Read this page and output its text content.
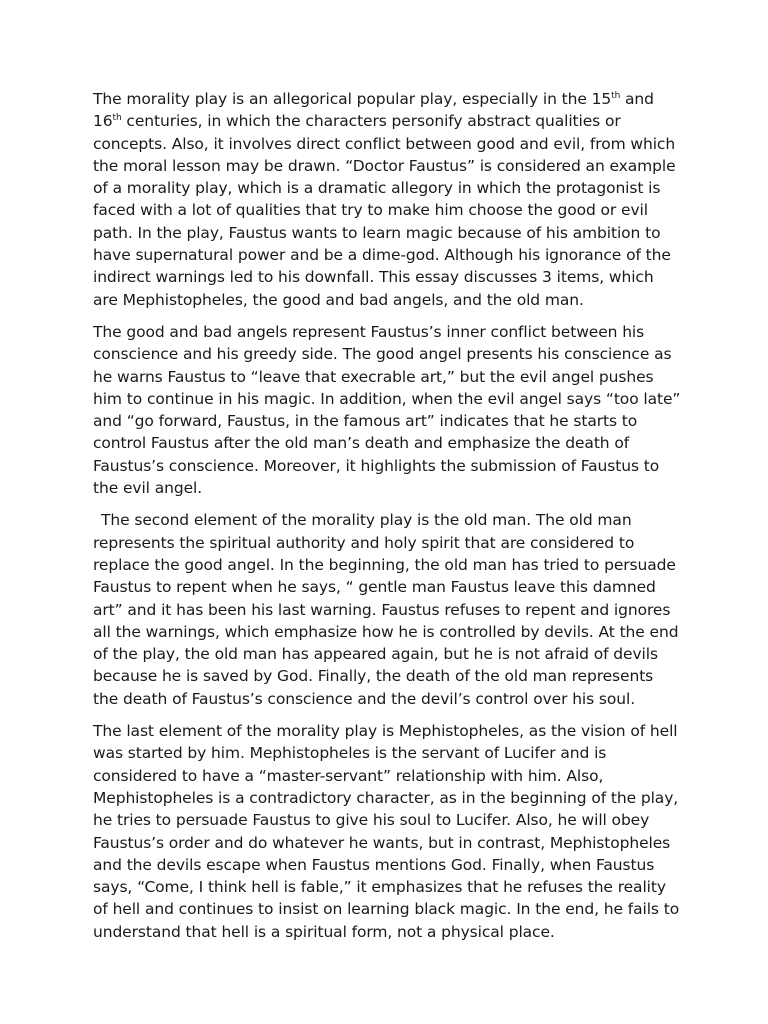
The morality play is an allegorical popular play, especially in the 15th and 16th centuries, in which the characters personify abstract qualities or concepts. Also, it involves direct conflict between good and evil, from which the moral lesson may be drawn. “Doctor Faustus” is considered an example of a morality play, which is a dramatic allegory in which the protagonist is faced with a lot of qualities that try to make him choose the good or evil path. In the play, Faustus wants to learn magic because of his ambition to have supernatural power and be a dime-god. Although his ignorance of the indirect warnings led to his downfall. This essay discusses 3 items, which are Mephistopheles, the good and bad angels, and the old man.

The good and bad angels represent Faustus’s inner conflict between his conscience and his greedy side. The good angel presents his conscience as he warns Faustus to “leave that execrable art,” but the evil angel pushes him to continue in his magic. In addition, when the evil angel says “too late” and “go forward, Faustus, in the famous art” indicates that he starts to control Faustus after the old man’s death and emphasize the death of Faustus’s conscience. Moreover, it highlights the submission of Faustus to the evil angel.

The second element of the morality play is the old man. The old man represents the spiritual authority and holy spirit that are considered to replace the good angel. In the beginning, the old man has tried to persuade Faustus to repent when he says, “ gentle man Faustus leave this damned art” and it has been his last warning. Faustus refuses to repent and ignores all the warnings, which emphasize how he is controlled by devils. At the end of the play, the old man has appeared again, but he is not afraid of devils because he is saved by God. Finally, the death of the old man represents the death of Faustus’s conscience and the devil’s control over his soul.

The last element of the morality play is Mephistopheles, as the vision of hell was started by him. Mephistopheles is the servant of Lucifer and is considered to have a “master-servant” relationship with him. Also, Mephistopheles is a contradictory character, as in the beginning of the play, he tries to persuade Faustus to give his soul to Lucifer. Also, he will obey Faustus’s order and do whatever he wants, but in contrast, Mephistopheles and the devils escape when Faustus mentions God. Finally, when Faustus says, “Come, I think hell is fable,” it emphasizes that he refuses the reality of hell and continues to insist on learning black magic. In the end, he fails to understand that hell is a spiritual form, not a physical place.
